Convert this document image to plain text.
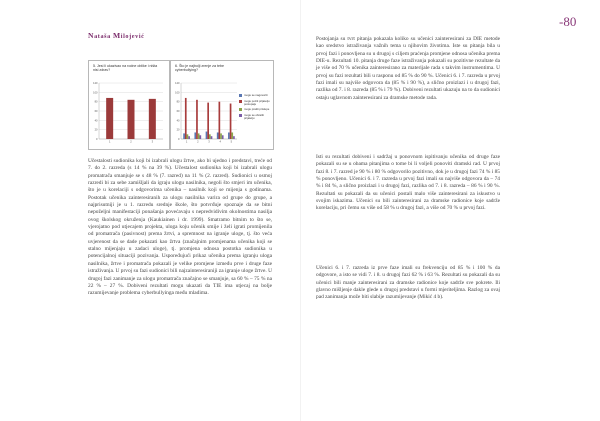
Nataša Milojević
-80
5. Jesi li ukazivao na rodne oblike i ništa nisi zdrav?
0
20
40
60
80
100
120
1	2	3
6. Što je najbolji zrenje za tebe cyberbullying?
0
20
40
60
80
100
120
1	2	3	4	5
mogu se nagovoriti
mogu poziti prijatelju postupaju
mogu pratiti pristupe
mogu se obratiti prijatelju
Učestalosti sudionika koji bi izabrali ulogu žrtve, ako bi ujedno i predstavi, treće od 7. do 2. razreda (s 14 % na 39 %). Učestalost sudionika koji bi izabrali ulogu promatrača smanjuje se s 48 % (7. razred) na 11 % (2. razred). Sudionici u osmoj razredi bi za sebe zamišljali da igraju ulogu nasilnika, negoli što smjeri im učenika, što je u korelaciji s odgovorima učenika – nasilnik koji se mijenja s godinama. Postotak učenika zainteresiranih za ulogu nasilnika varira od grupe do grupe, a najprisutniji je u 1. razredu srednje škole, što potvrđuje spoznaje da se bitni nepoželjni manifestaciji ponašanja povećavaju s nepredvidivim okolnostima nasilja ovog školskog okruženja (Kaukiainen i dr. 1999). Smatramo bitnim to što se, vjerojatno pod utjecajem projekta, uloga koju učenik smije i želi igrati promijenila od promatrača (pasivnost) prema žrtvi, a spremnost na igranje uloge, tj. što veća uvjerenost da se dade pokazati kao žrtva (značajnim promjenama učenika koji se stalno mijenjaju u zadaci uloge), tj. promjena odnosa postotka sudionika u potencijalnoj situaciji pozivanja. Uspoređujući prikaz učenika prema igranju uloga nasilnika, žrtve i promatrača pokazali je velike promjene između prve i druge faze istraživanja. U prvoj su fazi sudionici bili najzainteresiraniji za igranje uloge žrtve. U drugoj fazi zanimanje za ulogu promatrača značajno se smanjuje, sa 60 % – 75 % na 22 % – 27 %. Dobiveni rezultati mogu ukazati da TIE ima utjecaj na bolje razumijevanje problema cyberbullyinga među mladima.
Postojanja su tvrt pitanja pokazala koliko su učenici zainteresirani za DIE metode kao sredstvo istraživanja važnih tema u njihovim životima. Iste su pitanja bila u prvoj fazi i ponovljena su u drugoj s ciljem praćenja promjene odnosa učenika prema DIE-u. Rezultati 10. pitanja druge faze istraživanja pokazali su pozitivne rezultate da je više od 70 % učenika zainteresirano za materijale rada s takvim instrumentima. U prvoj su fazi rezultati bili u rasponu od 85 % do 90 %. Učenici 6. i 7. razreda u prvoj fazi imali su najviše odgovora da (85 % i 90 %), a slično proizlazi i u drugoj fazi, razlika od 7. i 8. razreda (85 % i 79 %). Dobiveni rezultati ukazuju na to da sudionici ostaju uglavnom zainteresirani za dramske metode rada.
Isti su rezultati dobiveni i sadržaj u ponovnom ispitivanju učenika od druge faze pokazali su se u obama pitanjima o tome bi li voljeli ponoviti dramski rad. U prvoj fazi 8. i 7. razred je 90 % i 80 % odgovorilo pozitivno, dok je u drugoj fazi 74 % i 85 % ponovljeno. Učenici 6. i 7. razreda u prvoj fazi imali su najviše odgovora da – 74 % i 84 %, a slično proizlazi i u drugoj fazi, razlika od 7. i 8. razreda – 86 % i 90 %. Rezultati su pokazali da su učenici postali malo više zainteresirani za iskustvo u svojim iskazima. Učenici su bili zainteresirani za dramske radionice koje sadrže korelaciju, pri čemu su više od 58 % u drugoj fazi, a više od 70 % u prvoj fazi.
Učenici 6. i 7. razreda iz prve faze imali su frekvenciju od 85 % i 100 % da odgovore, a isto se vidi 7. i 8. u drugoj fazi 62 % i 63 %. Rezultati su pokazali da su učenici bili manje zainteresirani za dramske radionice koje sadrže sve pokrete. Ili glavno mišljenje dakle glede u drugoj predstavi u formi mjeriteljima. Razlog za ovaj pad zanimanja može biti slabije razumijevanje (Mikić 4 b).
